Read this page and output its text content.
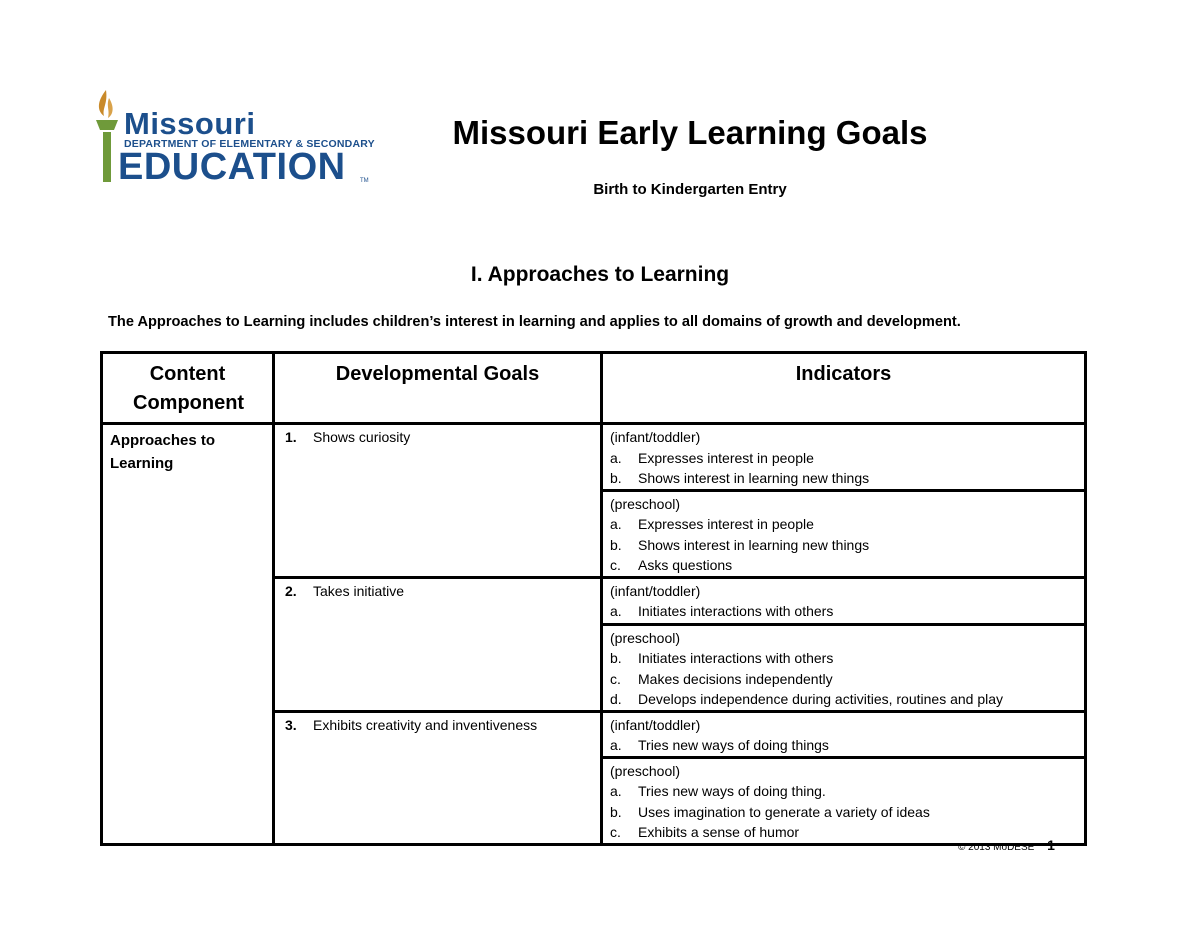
Missouri
DEPARTMENT OF ELEMENTARY & SECONDARY
EDUCATION TM
Missouri Early Learning Goals
Birth to Kindergarten Entry
I. Approaches to Learning
The Approaches to Learning includes children’s interest in learning and applies to all domains of growth and development.
Content Component	Developmental Goals	Indicators
Approaches to Learning	1. Shows curiosity	(infant/toddler)
a. Expresses interest in people
b. Shows interest in learning new things

		(preschool)
a. Expresses interest in people
b. Shows interest in learning new things
c. Asks questions

	2. Takes initiative	(infant/toddler)
a. Initiates interactions with others

		(preschool)
b. Initiates interactions with others
c. Makes decisions independently
d. Develops independence during activities, routines and play

	3. Exhibits creativity and inventiveness	(infant/toddler)
a. Tries new ways of doing things

		(preschool)
a. Tries new ways of doing thing.
b. Uses imagination to generate a variety of ideas
c. Exhibits a sense of humor
© 2013 MoDESE 1
